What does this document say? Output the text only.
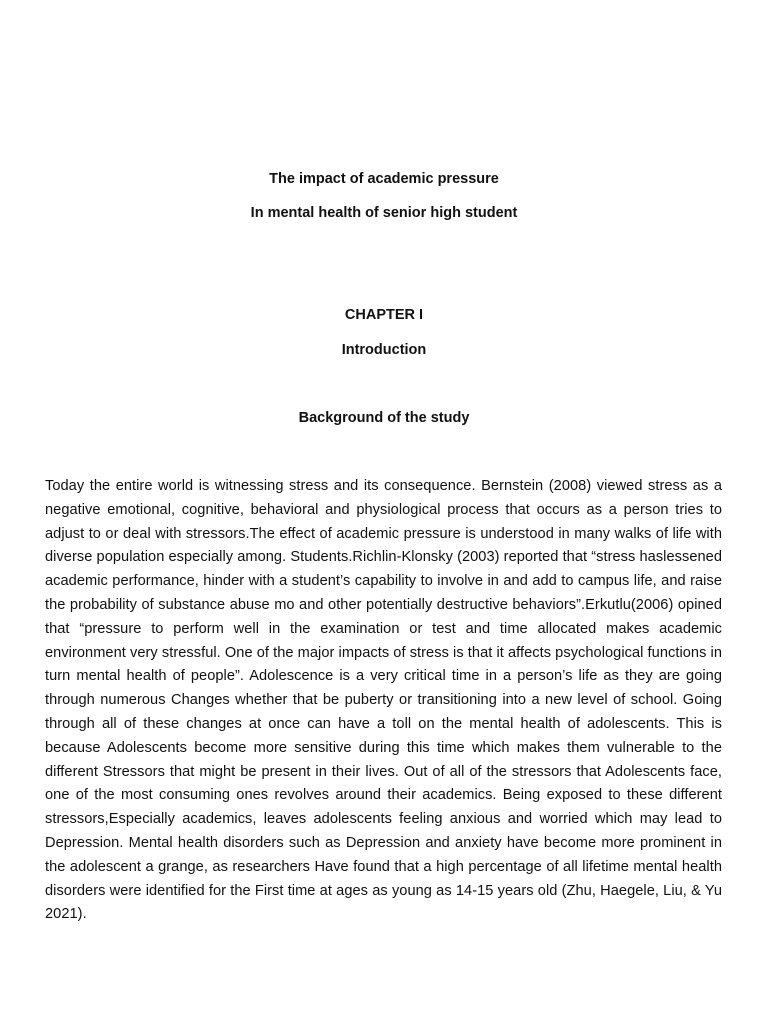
The impact of academic pressure
In mental health of senior high student
CHAPTER I
Introduction
Background of the study

Today the entire world is witnessing stress and its consequence. Bernstein (2008) viewed stress as a negative emotional, cognitive, behavioral and physiological process that occurs as a person tries to adjust to or deal with stressors.The effect of academic pressure is understood in many walks of life with diverse population especially among. Students.Richlin-Klonsky (2003) reported that “stress haslessened academic performance, hinder with a student’s capability to involve in and add to campus life, and raise the probability of substance abuse mo and other potentially destructive behaviors”.Erkutlu(2006) opined that “pressure to perform well in the examination or test and time allocated makes academic environment very stressful. One of the major impacts of stress is that it affects psychological functions in turn mental health of people”. Adolescence is a very critical time in a person’s life as they are going through numerous Changes whether that be puberty or transitioning into a new level of school. Going through all of these changes at once can have a toll on the mental health of adolescents. This is because Adolescents become more sensitive during this time which makes them vulnerable to the different Stressors that might be present in their lives. Out of all of the stressors that Adolescents face, one of the most consuming ones revolves around their academics. Being exposed to these different stressors,Especially academics, leaves adolescents feeling anxious and worried which may lead to Depression. Mental health disorders such as Depression and anxiety have become more prominent in the adolescent a grange, as researchers Have found that a high percentage of all lifetime mental health disorders were identified for the First time at ages as young as 14-15 years old (Zhu, Haegele, Liu, & Yu 2021).
